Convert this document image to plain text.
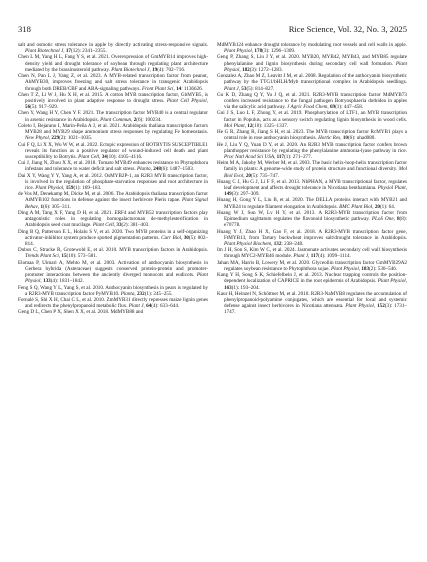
318	Rice Science, Vol. 32, No. 3, 2025

salt and osmotic stress tolerance in apple by directly activating stress-responsive signals. Plant Biotechnol J, 17(12): 2341–2355.

Chen L M, Yang H L, Fang Y S, et al. 2021. Overexpression of GmMYB14 improves high-density yield and drought tolerance of soybean through regulating plant architecture mediated by the brassinosteroid pathway. Plant Biotechnol J, 19(4): 702–716.

Chen N, Pan L J, Yang Z, et al. 2023. A MYB-related transcription factor from peanut, AhMYB30, improves freezing and salt stress tolerance in transgenic Arabidopsis through both DREB/CBF and ABA-signaling pathways. Front Plant Sci, 14: 1136626.

Chen T Z, Li W J, Hu X H, et al. 2015. A cotton MYB transcription factor, GbMYB5, is positively involved in plant adaptive response to drought stress. Plant Cell Physiol, 56(5): 917–929.

Chen Y, Wang H Y, Chen Y F. 2021. The transcription factor MYB40 is a central regulator in arsenic resistance in Arabidopsis. Plant Commun, 2(6): 100234.

Coleto I, Bejarano I, Marín-Peña A J, et al. 2021. Arabidopsis thaliana transcription factors MYB28 and MYB29 shape ammonium stress responses by regulating Fe homeostasis. New Phytol, 229(2): 1021–1035.

Cui F Q, Li X X, Wu W W, et al. 2022. Ectopic expression of BOTRYTIS SUSCEPTIBLE1 reveals its function as a positive regulator of wound-induced cell death and plant susceptibility to Botrytis. Plant Cell, 34(10): 4105–4116.

Cui J, Jiang N, Zhou X X, et al. 2018. Tomato MYB49 enhances resistance to Phytophthora infestans and tolerance to water deficit and salt stress. Planta, 248(6): 1487–1503.

Dai X Y, Wang Y Y, Yang A, et al. 2012. OsMYB2P-1, an R2R3 MYB transcription factor, is involved in the regulation of phosphate-starvation responses and root architecture in rice. Plant Physiol, 159(1): 169–183.

de Vos M, Denekamp M, Dicke M, et al. 2006. The Arabidopsis thaliana transcription factor AtMYB102 functions in defense against the insect herbivore Pieris rapae. Plant Signal Behav, 1(6): 305–311.

Ding A M, Tang X F, Yang D H, et al. 2021. ERF4 and MYB52 transcription factors play antagonistic roles in regulating homogalacturonan de-methylesterification in Arabidopsis seed coat mucilage. Plant Cell, 33(2): 381–403.

Ding B Q, Patterson E L, Holalu S V, et al. 2020. Two MYB proteins in a self-organizing activator-inhibitor system produce spotted pigmentation patterns. Curr Biol, 30(5): 802–814.

Dubos C, Stracke R, Grotewold E, et al. 2010. MYB transcription factors in Arabidopsis. Trends Plant Sci, 15(10): 573–581.

Elomaa P, Uimari A, Mehto M, et al. 2003. Activation of anthocyanin biosynthesis in Gerbera hybrida (Asteraceae) suggests conserved protein-protein and promoter-promoter interactions between the anciently diverged monocots and eudicots. Plant Physiol, 133(4): 1831–1842.

Feng S Q, Wang Y L, Yang S, et al. 2010. Anthocyanin biosynthesis in pears is regulated by a R2R3-MYB transcription factor PyMYB10. Planta, 232(1): 245–255.

Fornalé S, Shi X H, Chai C L, et al. 2010. ZmMYB31 directly represses maize lignin genes and redirects the phenylpropanoid metabolic flux. Plant J, 64(4): 633–644.

Geng D L, Chen P X, Shen X X, et al. 2018. MdMYB88 and

MdMYB124 enhance drought tolerance by modulating root vessels and cell walls in apple. Plant Physiol, 178(3): 1296–1309.

Geng P, Zhang S, Liu J Y, et al. 2020. MYB20, MYB42, MYB43, and MYB85 regulate phenylalanine and lignin biosynthesis during secondary cell wall formation. Plant Physiol, 182(3): 1272–1283.

Gonzalez A, Zhao M Z, Leavitt J M, et al. 2008. Regulation of the anthocyanin biosynthetic pathway by the TTG1/bHLH/Myb transcriptional complex in Arabidopsis seedlings. Plant J, 53(5): 814–827.

Gu K D, Zhang Q Y, Yu J Q, et al. 2021. R2R3-MYB transcription factor MdMYB73 confers increased resistance to the fungal pathogen Botryosphaeria dothidea in apples via the salicylic acid pathway. J Agric Food Chem, 69(1): 447–458.

Gui J S, Luo L F, Zhong Y, et al. 2019. Phosphorylation of LTF1, an MYB transcription factor in Populus, acts as a sensory switch regulating lignin biosynthesis in wood cells. Mol Plant, 12(10): 1325–1337.

He G R, Zhang R, Jiang S H, et al. 2023. The MYB transcription factor RcMYB1 plays a central role in rose anthocyanin biosynthesis. Hortic Res, 10(6): uhad080.

He J, Liu Y Q, Yuan D Y, et al. 2020. An R2R3 MYB transcription factor confers brown planthopper resistance by regulating the phenylalanine ammonia-lyase pathway in rice. Proc Natl Acad Sci USA, 117(1): 271–277.

Heim M A, Jakoby M, Werber M, et al. 2003. The basic helix-loop-helix transcription factor family in plants: A genome-wide study of protein structure and functional diversity. Mol Biol Evol, 20(5): 735–747.

Huang C J, Hu G J, Li F F, et al. 2013. NbPHAN, a MYB transcriptional factor, regulates leaf development and affects drought tolerance in Nicotiana benthamiana. Physiol Plant, 149(3): 297–309.

Huang H, Gong Y L, Liu B, et al. 2020. The DELLA proteins interact with MYB21 and MYB24 to regulate filament elongation in Arabidopsis. BMC Plant Biol, 20(1): 64.

Huang W J, Sun W, Lv H Y, et al. 2013. A R2R3-MYB transcription factor from Epimedium sagittatum regulates the flavonoid biosynthetic pathway. PLoS One, 8(8): e70778.

Huang Y J, Zhao H X, Gao F, et al. 2018. A R2R3-MYB transcription factor gene, FtMYB13, from Tartary buckwheat improves salt/drought tolerance in Arabidopsis. Plant Physiol Biochem, 132: 238–248.

Im J H, Son S, Kim W C, et al. 2024. Jasmonate activates secondary cell wall biosynthesis through MYC2-MYB46 module. Plant J, 117(4): 1099–1114.

Jahan MA, Harris B, Lowery M, et al. 2020. Glyceollin transcription factor GmMYB29A2 regulates soybean resistance to Phytophthora sojae. Plant Physiol, 183(2): 530–546.

Kang Y H, Song S K, Schiefelbein J, et al. 2013. Nuclear trapping controls the position-dependent localization of CAPRICE in the root epidermis of Arabidopsis. Plant Physiol, 163(1): 193–204.

Kaur H, Heinzel N, Schöttner M, et al. 2010. R2R3-NaMYB8 regulates the accumulation of phenylpropanoid-polyamine conjugates, which are essential for local and systemic defense against insect herbivores in Nicotiana attenuata. Plant Physiol, 152(3): 1731–1747.
